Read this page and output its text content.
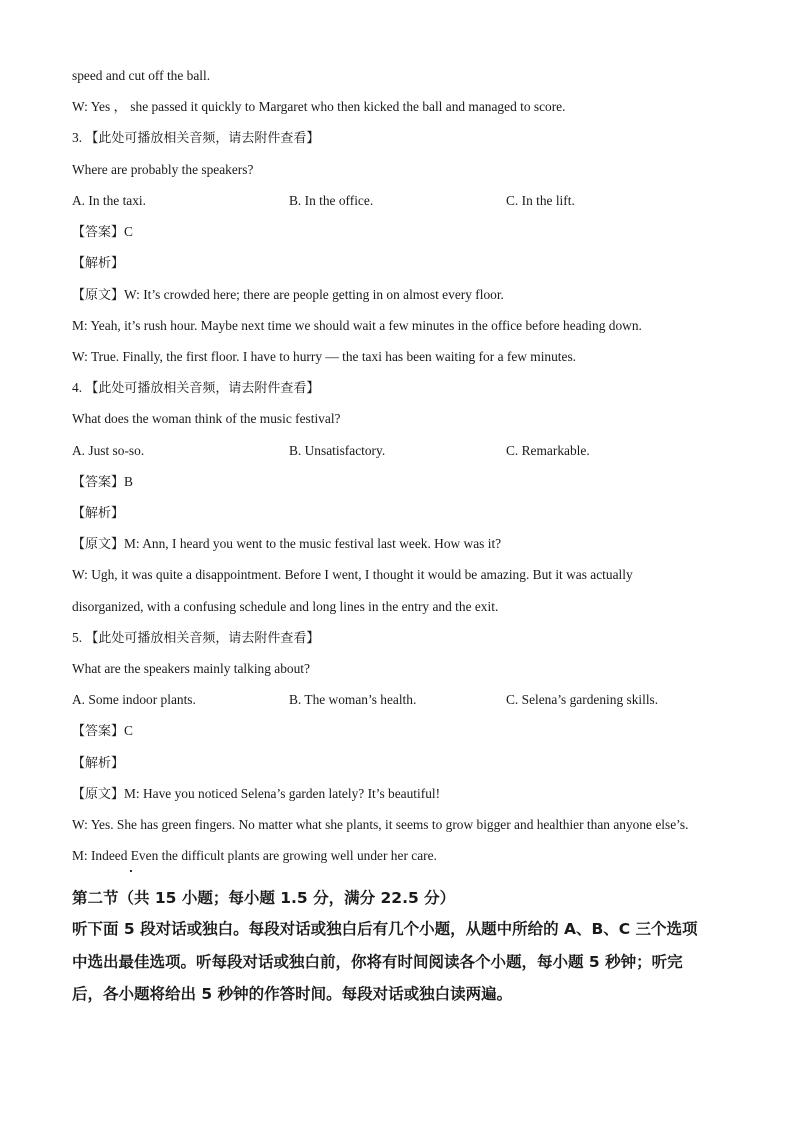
speed and cut off the ball.
W: Yes ， she passed it quickly to Margaret who then kicked the ball and managed to score.
3. 【此处可播放相关音频，请去附件查看】
Where are probably the speakers?
A. In the taxi.	B. In the office.	C. In the lift.
【答案】C
【解析】
【原文】W: It’s crowded here; there are people getting in on almost every floor.
M: Yeah, it’s rush hour. Maybe next time we should wait a few minutes in the office before heading down.
W: True. Finally, the first floor. I have to hurry — the taxi has been waiting for a few minutes.
4. 【此处可播放相关音频，请去附件查看】
What does the woman think of the music festival?
A. Just so-so.	B. Unsatisfactory.	C. Remarkable.
【答案】B
【解析】
【原文】M: Ann, I heard you went to the music festival last week. How was it?
W: Ugh, it was quite a disappointment. Before I went, I thought it would be amazing. But it was actually
disorganized, with a confusing schedule and long lines in the entry and the exit.
5. 【此处可播放相关音频，请去附件查看】
What are the speakers mainly talking about?
A. Some indoor plants.	B. The woman’s health.	C. Selena’s gardening skills.
【答案】C
【解析】
【原文】M: Have you noticed Selena’s garden lately? It’s beautiful!
W: Yes. She has green fingers. No matter what she plants, it seems to grow bigger and healthier than anyone else’s.
M: Indeed Even the difficult plants are growing well under her care.
第二节（共 15 小题；每小题 1.5 分，满分 22.5 分）
听下面 5 段对话或独白。每段对话或独白后有几个小题，从题中所给的 A、B、C 三个选项
中选出最佳选项。听每段对话或独白前，你将有时间阅读各个小题，每小题 5 秒钟；听完
后，各小题将给出 5 秒钟的作答时间。每段对话或独白读两遍。
